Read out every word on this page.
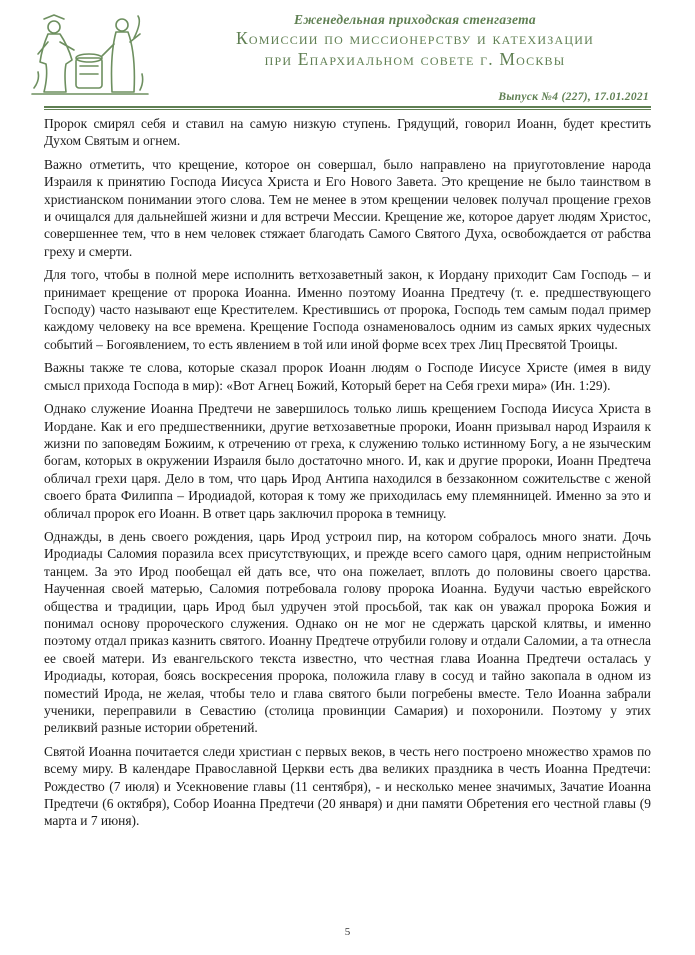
Еженедельная приходская стенгазета
Комиссии по миссионерству и катехизации
при Епархиальном совете г. Москвы
Выпуск №4 (227), 17.01.2021

Пророк смирял себя и ставил на самую низкую ступень. Грядущий, говорил Иоанн, будет крестить Духом Святым и огнем.

Важно отметить, что крещение, которое он совершал, было направлено на приуготовление народа Израиля к принятию Господа Иисуса Христа и Его Нового Завета. Это крещение не было таинством в христианском понимании этого слова. Тем не менее в этом крещении человек получал прощение грехов и очищался для дальнейшей жизни и для встречи Мессии. Крещение же, которое дарует людям Христос, совершеннее тем, что в нем человек стяжает благодать Самого Святого Духа, освобождается от рабства греху и смерти.

Для того, чтобы в полной мере исполнить ветхозаветный закон, к Иордану приходит Сам Господь – и принимает крещение от пророка Иоанна. Именно поэтому Иоанна Предтечу (т. е. предшествующего Господу) часто называют еще Крестителем. Крестившись от пророка, Господь тем самым подал пример каждому человеку на все времена. Крещение Господа ознаменовалось одним из самых ярких чудесных событий – Богоявлением, то есть явлением в той или иной форме всех трех Лиц Пресвятой Троицы.

Важны также те слова, которые сказал пророк Иоанн людям о Господе Иисусе Христе (имея в виду смысл прихода Господа в мир): «Вот Агнец Божий, Который берет на Себя грехи мира» (Ин. 1:29).

Однако служение Иоанна Предтечи не завершилось только лишь крещением Господа Иисуса Христа в Иордане. Как и его предшественники, другие ветхозаветные пророки, Иоанн призывал народ Израиля к жизни по заповедям Божиим, к отречению от греха, к служению только истинному Богу, а не языческим богам, которых в окружении Израиля было достаточно много. И, как и другие пророки, Иоанн Предтеча обличал грехи царя. Дело в том, что царь Ирод Антипа находился в беззаконном сожительстве с женой своего брата Филиппа – Иродиадой, которая к тому же приходилась ему племянницей. Именно за это и обличал пророк его Иоанн. В ответ царь заключил пророка в темницу.

Однажды, в день своего рождения, царь Ирод устроил пир, на котором собралось много знати. Дочь Иродиады Саломия поразила всех присутствующих, и прежде всего самого царя, одним непристойным танцем. За это Ирод пообещал ей дать все, что она пожелает, вплоть до половины своего царства. Наученная своей матерью, Саломия потребовала голову пророка Иоанна. Будучи частью еврейского общества и традиции, царь Ирод был удручен этой просьбой, так как он уважал пророка Божия и понимал основу пророческого служения. Однако он не мог не сдержать царской клятвы, и именно поэтому отдал приказ казнить святого. Иоанну Предтече отрубили голову и отдали Саломии, а та отнесла ее своей матери. Из евангельского текста известно, что честная глава Иоанна Предтечи осталась у Иродиады, которая, боясь воскресения пророка, положила главу в сосуд и тайно закопала в одном из поместий Ирода, не желая, чтобы тело и глава святого были погребены вместе. Тело Иоанна забрали ученики, переправили в Севастию (столица провинции Самария) и похоронили. Поэтому у этих реликвий разные истории обретений.

Святой Иоанна почитается следи христиан с первых веков, в честь него построено множество храмов по всему миру. В календаре Православной Церкви есть два великих праздника в честь Иоанна Предтечи: Рождество (7 июля) и Усекновение главы (11 сентября), - и несколько менее значимых, Зачатие Иоанна Предтечи (6 октября), Собор Иоанна Предтечи (20 января) и дни памяти Обретения его честной главы (9 марта и 7 июня).

5
